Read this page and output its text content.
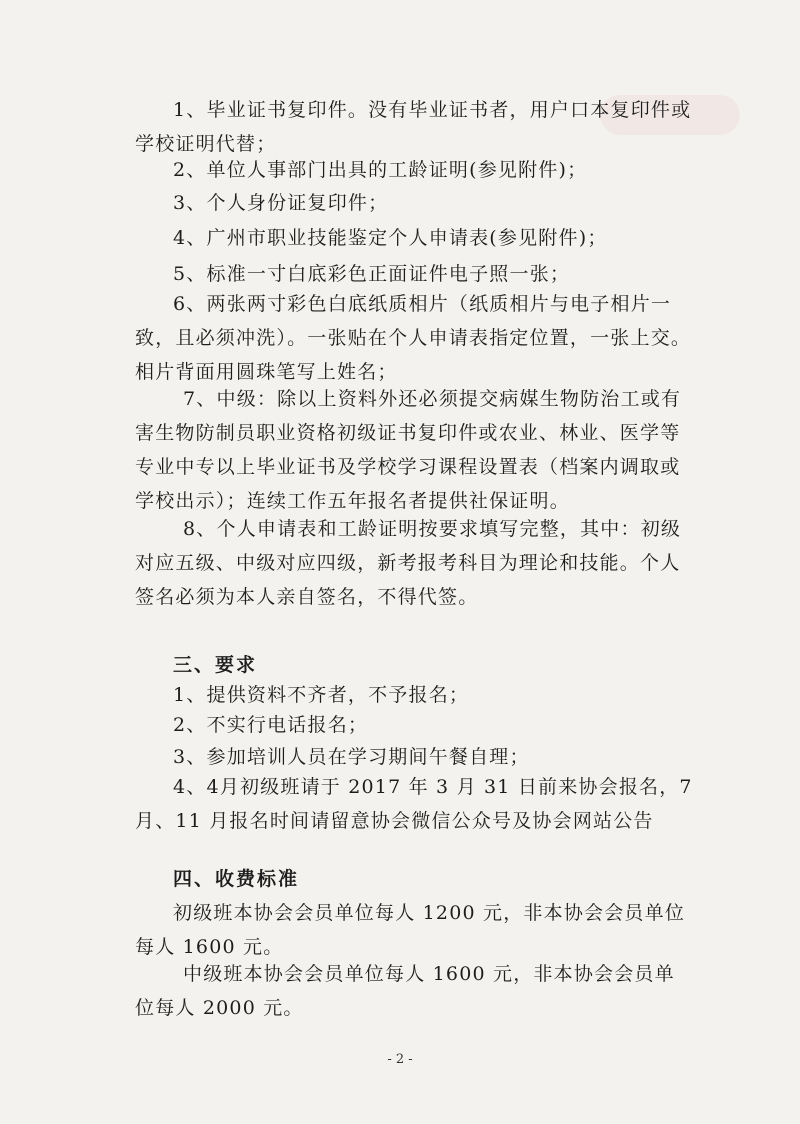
1、毕业证书复印件。没有毕业证书者，用户口本复印件或学校证明代替；

2、单位人事部门出具的工龄证明(参见附件)；

3、个人身份证复印件；

4、广州市职业技能鉴定个人申请表(参见附件)；

5、标准一寸白底彩色正面证件电子照一张；

6、两张两寸彩色白底纸质相片（纸质相片与电子相片一致，且必须冲洗）。一张贴在个人申请表指定位置，一张上交。相片背面用圆珠笔写上姓名；

7、中级：除以上资料外还必须提交病媒生物防治工或有害生物防制员职业资格初级证书复印件或农业、林业、医学等专业中专以上毕业证书及学校学习课程设置表（档案内调取或学校出示）；连续工作五年报名者提供社保证明。

8、个人申请表和工龄证明按要求填写完整，其中：初级对应五级、中级对应四级，新考报考科目为理论和技能。个人签名必须为本人亲自签名，不得代签。

三、要求

1、提供资料不齐者，不予报名；

2、不实行电话报名；

3、参加培训人员在学习期间午餐自理；

4、4月初级班请于 2017 年 3 月 31 日前来协会报名，7月、11 月报名时间请留意协会微信公众号及协会网站公告

四、收费标准

初级班本协会会员单位每人 1200 元，非本协会会员单位每人 1600 元。

中级班本协会会员单位每人 1600 元，非本协会会员单位每人 2000 元。

- 2 -
